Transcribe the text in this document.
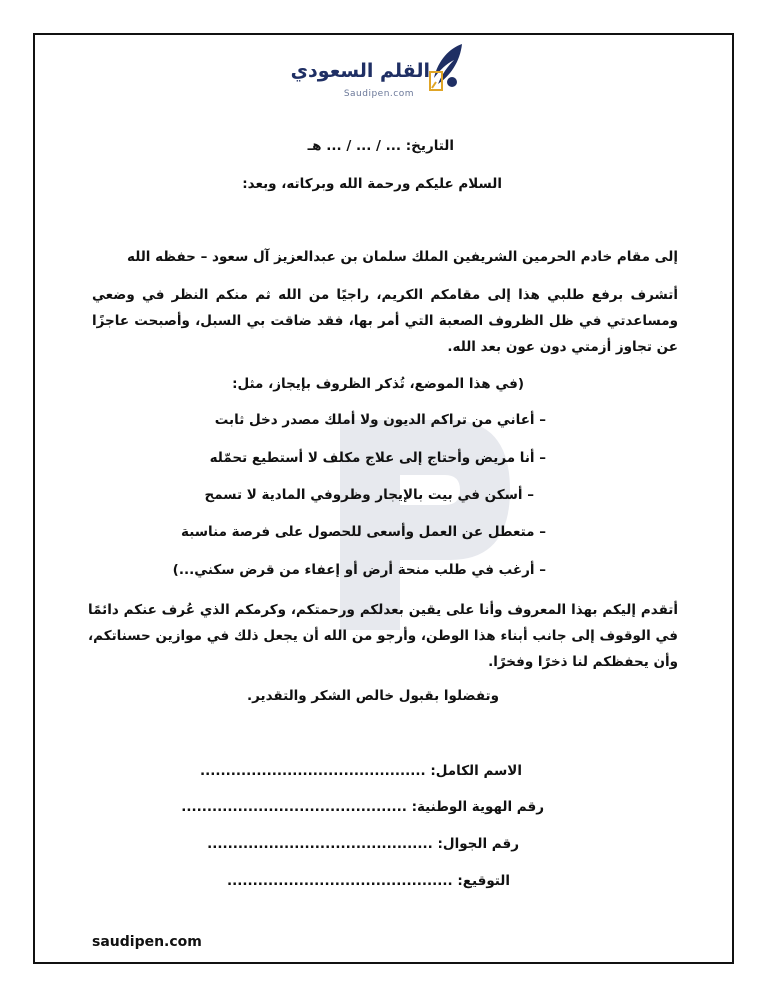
القلم السعودي
Saudipen.com
التاريخ: ... / ... / ... هـ
السلام عليكم ورحمة الله وبركاته، وبعد:
إلى مقام خادم الحرمين الشريفين الملك سلمان بن عبدالعزيز آل سعود – حفظه الله
أتشرف برفع طلبي هذا إلى مقامكم الكريم، راجيًا من الله ثم منكم النظر في وضعي ومساعدتي في ظل الظروف الصعبة التي أمر بها، فقد ضاقت بي السبل، وأصبحت عاجزًا عن تجاوز أزمتي دون عون بعد الله.
(في هذا الموضع، تُذكر الظروف بإيجاز، مثل:
– أعاني من تراكم الديون ولا أملك مصدر دخل ثابت
– أنا مريض وأحتاج إلى علاج مكلف لا أستطيع تحمّله
– أسكن في بيت بالإيجار وظروفي المادية لا تسمح
– متعطل عن العمل وأسعى للحصول على فرصة مناسبة
– أرغب في طلب منحة أرض أو إعفاء من قرض سكني...)
أتقدم إليكم بهذا المعروف وأنا على يقين بعدلكم ورحمتكم، وكرمكم الذي عُرف عنكم دائمًا في الوقوف إلى جانب أبناء هذا الوطن، وأرجو من الله أن يجعل ذلك في موازين حسناتكم، وأن يحفظكم لنا ذخرًا وفخرًا.
وتفضلوا بقبول خالص الشكر والتقدير.
الاسم الكامل: ............................................
رقم الهوية الوطنية: ............................................
رقم الجوال: ............................................
التوقيع: ............................................
saudipen.com
